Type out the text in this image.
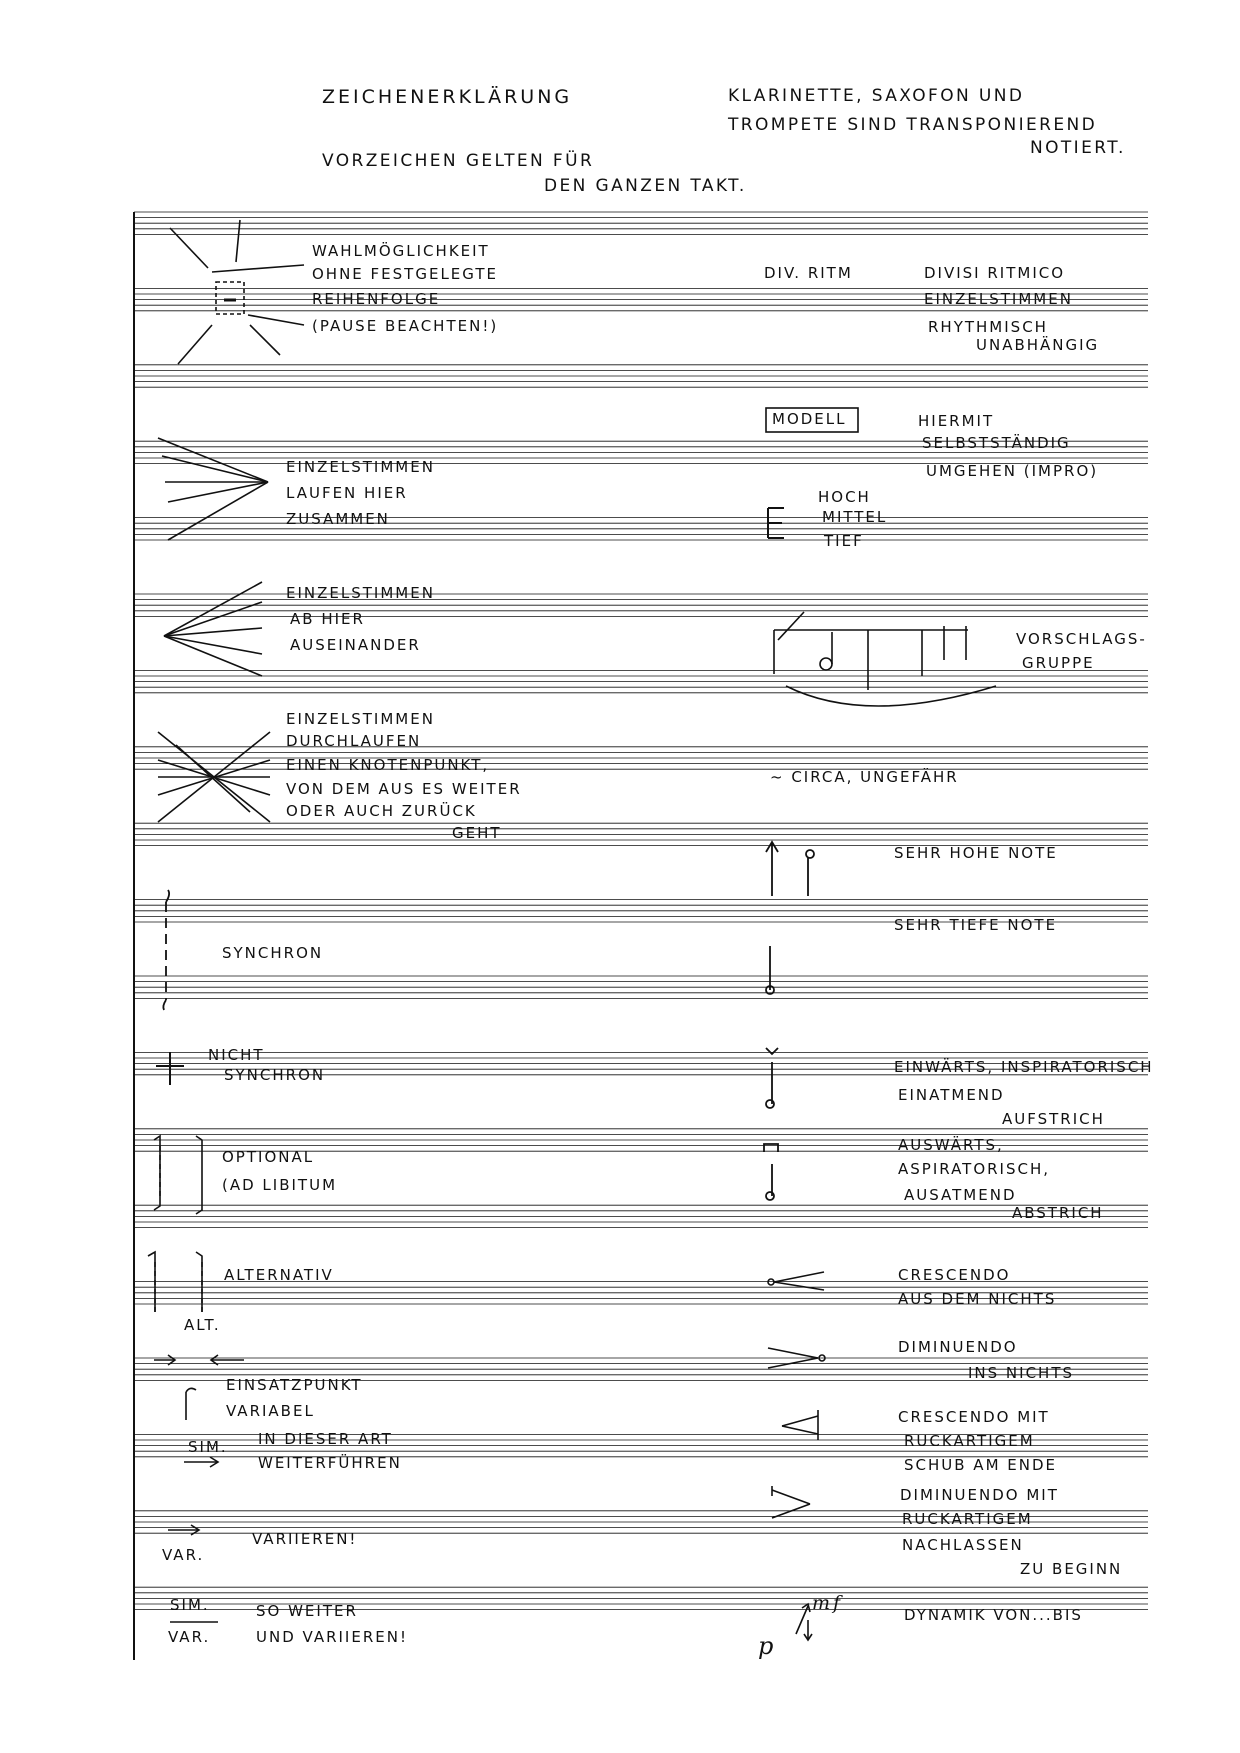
ZEICHENERKLÄRUNG
VORZEICHEN GELTEN FÜR
DEN GANZEN TAKT.
KLARINETTE, SAXOFON UND
TROMPETE SIND TRANSPONIEREND
NOTIERT.
WAHLMÖGLICHKEIT
OHNE FESTGELEGTE
REIHENFOLGE
(PAUSE BEACHTEN!)
EINZELSTIMMEN
LAUFEN HIER
ZUSAMMEN
EINZELSTIMMEN
AB HIER
AUSEINANDER
EINZELSTIMMEN
DURCHLAUFEN
EINEN KNOTENPUNKT,
VON DEM AUS ES WEITER
ODER AUCH ZURÜCK
GEHT
SYNCHRON
NICHT
SYNCHRON
OPTIONAL
(AD LIBITUM
ALTERNATIV
ALT.
EINSATZPUNKT
VARIABEL
SIM. IN DIESER ART
WEITERFÜHREN
VAR.
VARIIEREN!
SIM.
VAR.
SO WEITER
UND VARIIEREN!
DIV. RITM	DIVISI RITMICO
EINZELSTIMMEN
RHYTHMISCH
UNABHÄNGIG
MODELL	HIERMIT
SELBSTSTÄNDIG
UMGEHEN (IMPRO)
HOCH
MITTEL
TIEF
VORSCHLAGS-
GRUPPE
~ CIRCA, UNGEFÄHR
SEHR HOHE NOTE
SEHR TIEFE NOTE
EINWÄRTS, INSPIRATORISCH
EINATMEND
AUFSTRICH
AUSWÄRTS,
ASPIRATORISCH,
AUSATMEND
ABSTRICH
CRESCENDO
AUS DEM NICHTS
DIMINUENDO
INS NICHTS
CRESCENDO MIT
RUCKARTIGEM
SCHUB AM ENDE
DIMINUENDO MIT
RUCKARTIGEM
NACHLASSEN
ZU BEGINN
mf
p
DYNAMIK VON...BIS
